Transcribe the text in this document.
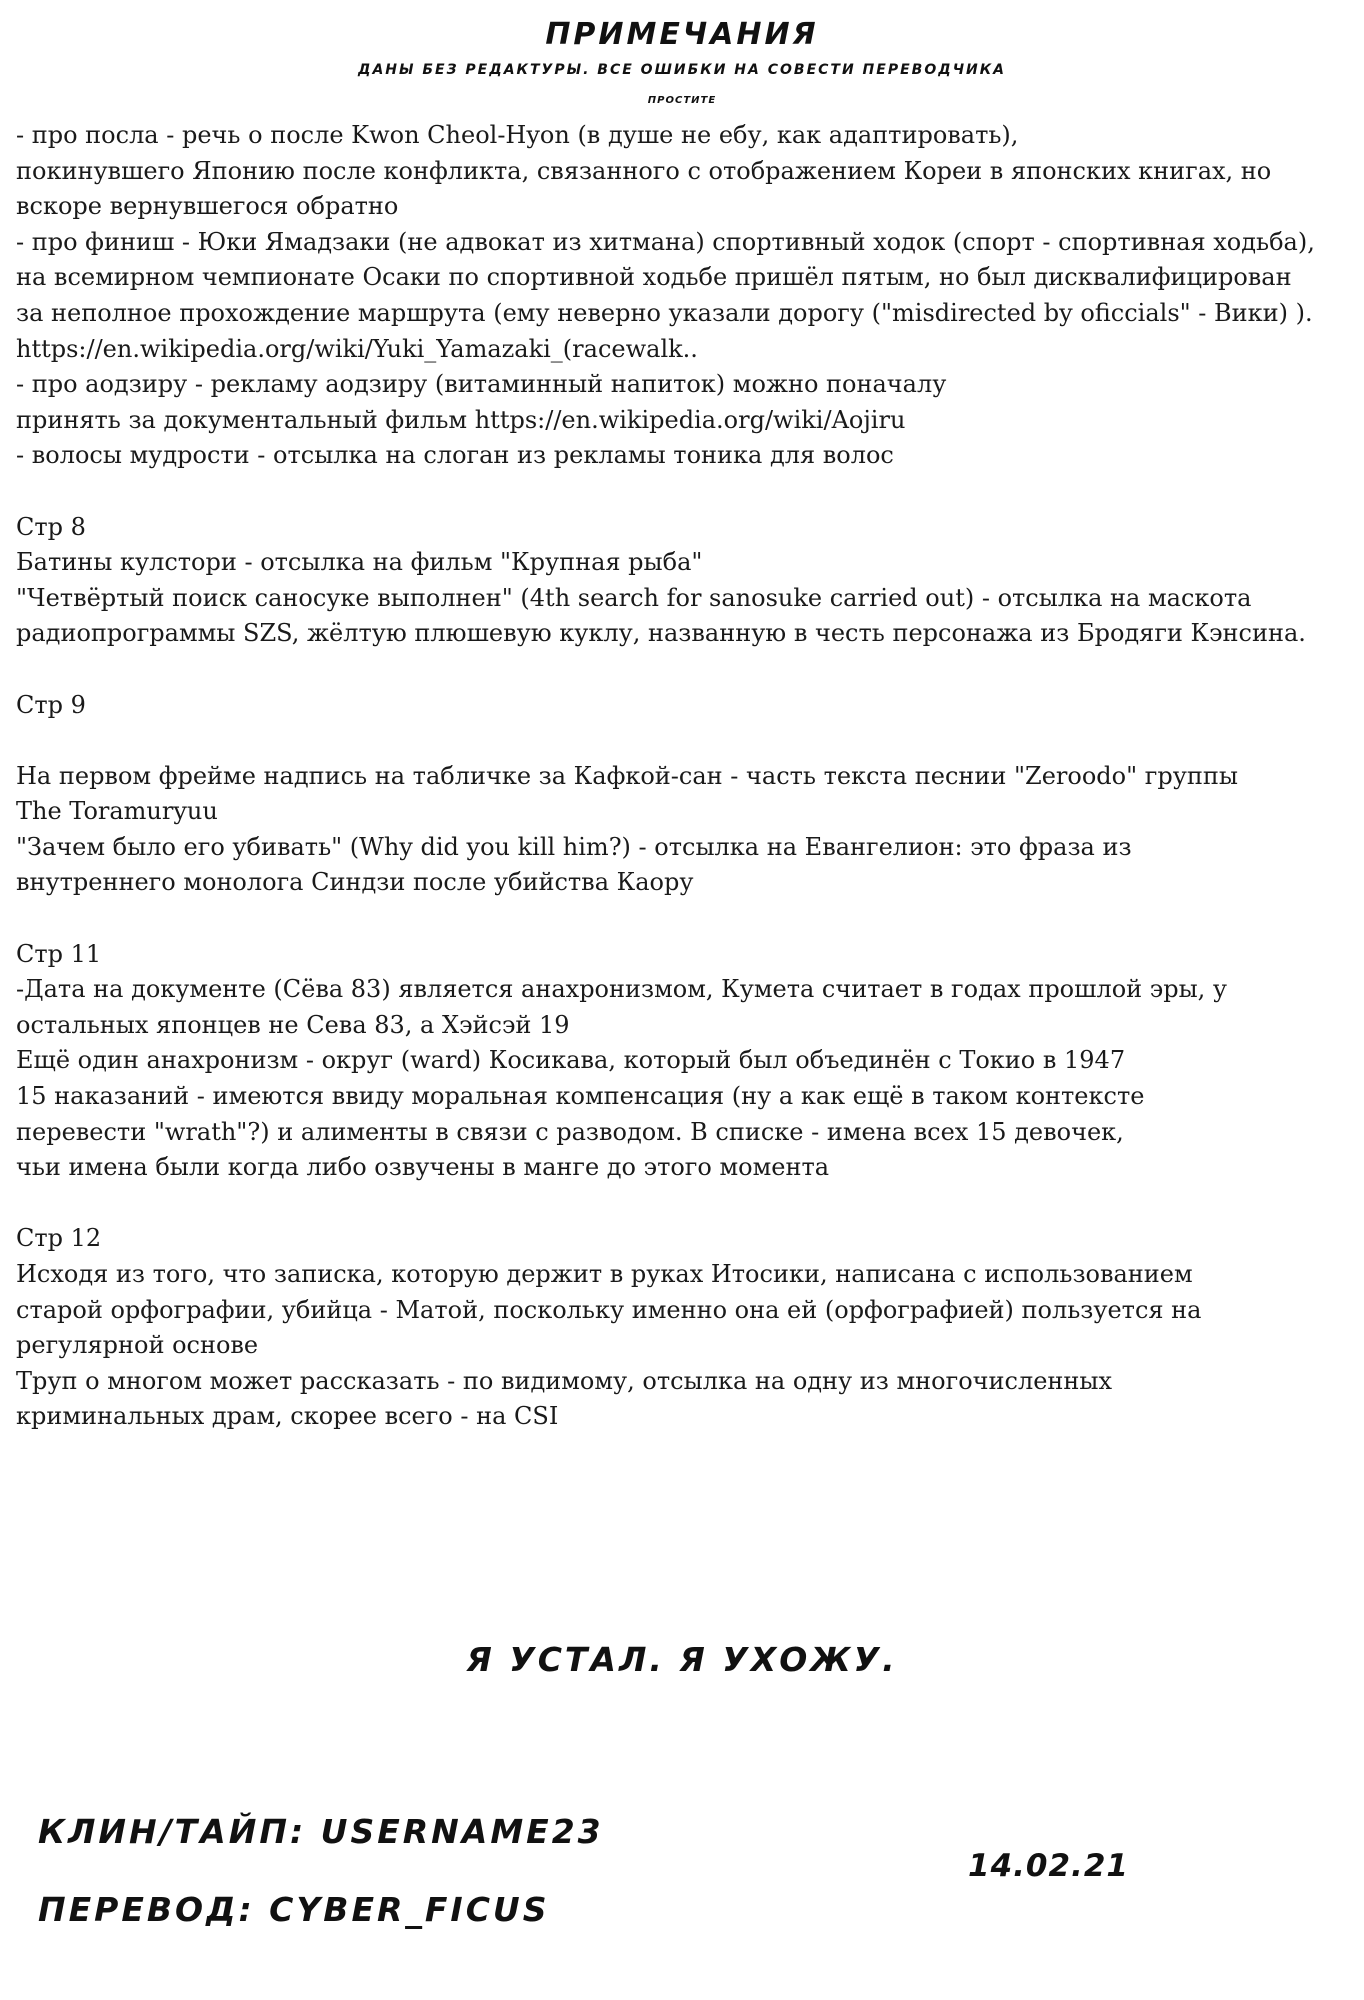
ПРИМЕЧАНИЯ
ДАНЫ БЕЗ РЕДАКТУРЫ. ВСЕ ОШИБКИ НА СОВЕСТИ ПЕРЕВОДЧИКА
ПРОСТИТЕ
- про посла - речь о после Kwon Cheol-Hyon (в душе не ебу, как адаптировать),
покинувшего Японию после конфликта, связанного с отображением Кореи в японских книгах, но
вскоре вернувшегося обратно
- про финиш - Юки Ямадзаки (не адвокат из хитмана) спортивный ходок (спорт - спортивная ходьба),
на всемирном чемпионате Осаки по спортивной ходьбе пришёл пятым, но был дисквалифицирован
за неполное прохождение маршрута (ему неверно указали дорогу ("misdirected by oficcials" - Вики) ).
https://en.wikipedia.org/wiki/Yuki_Yamazaki_(racewalk..
- про аодзиру - рекламу аодзиру (витаминный напиток) можно поначалу
принять за документальный фильм https://en.wikipedia.org/wiki/Aojiru
- волосы мудрости - отсылка на слоган из рекламы тоника для волос
Стр 8
Батины кулстори - отсылка на фильм "Крупная рыба"
"Четвёртый поиск саносуке выполнен" (4th search for sanosuke carried out) - отсылка на маскота
радиопрограммы SZS, жёлтую плюшевую куклу, названную в честь персонажа из Бродяги Кэнсина.
Стр 9
На первом фрейме надпись на табличке за Кафкой-сан - часть текста песнии "Zeroodo" группы
The Toramuryuu
"Зачем было его убивать" (Why did you kill him?) - отсылка на Евангелион: это фраза из
внутреннего монолога Синдзи после убийства Каору
Стр 11
-Дата на документе (Сёва 83) является анахронизмом, Кумета считает в годах прошлой эры, у
остальных японцев не Сева 83, а Хэйсэй 19
Ещё один анахронизм - округ (ward) Косикава, который был объединён с Токио в 1947
15 наказаний - имеются ввиду моральная компенсация (ну а как ещё в таком контексте
перевести "wrath"?) и алименты в связи с разводом. В списке - имена всех 15 девочек,
чьи имена были когда либо озвучены в манге до этого момента
Стр 12
Исходя из того, что записка, которую держит в руках Итосики, написана с использованием
старой орфографии, убийца - Матой, поскольку именно она ей (орфографией) пользуется на
регулярной основе
Труп о многом может рассказать - по видимому, отсылка на одну из многочисленных
криминальных драм, скорее всего - на CSI
Я УСТАЛ. Я УХОЖУ.
КЛИН/ТАЙП: USERNAME23
ПЕРЕВОД: CYBER_FICUS
14.02.21
